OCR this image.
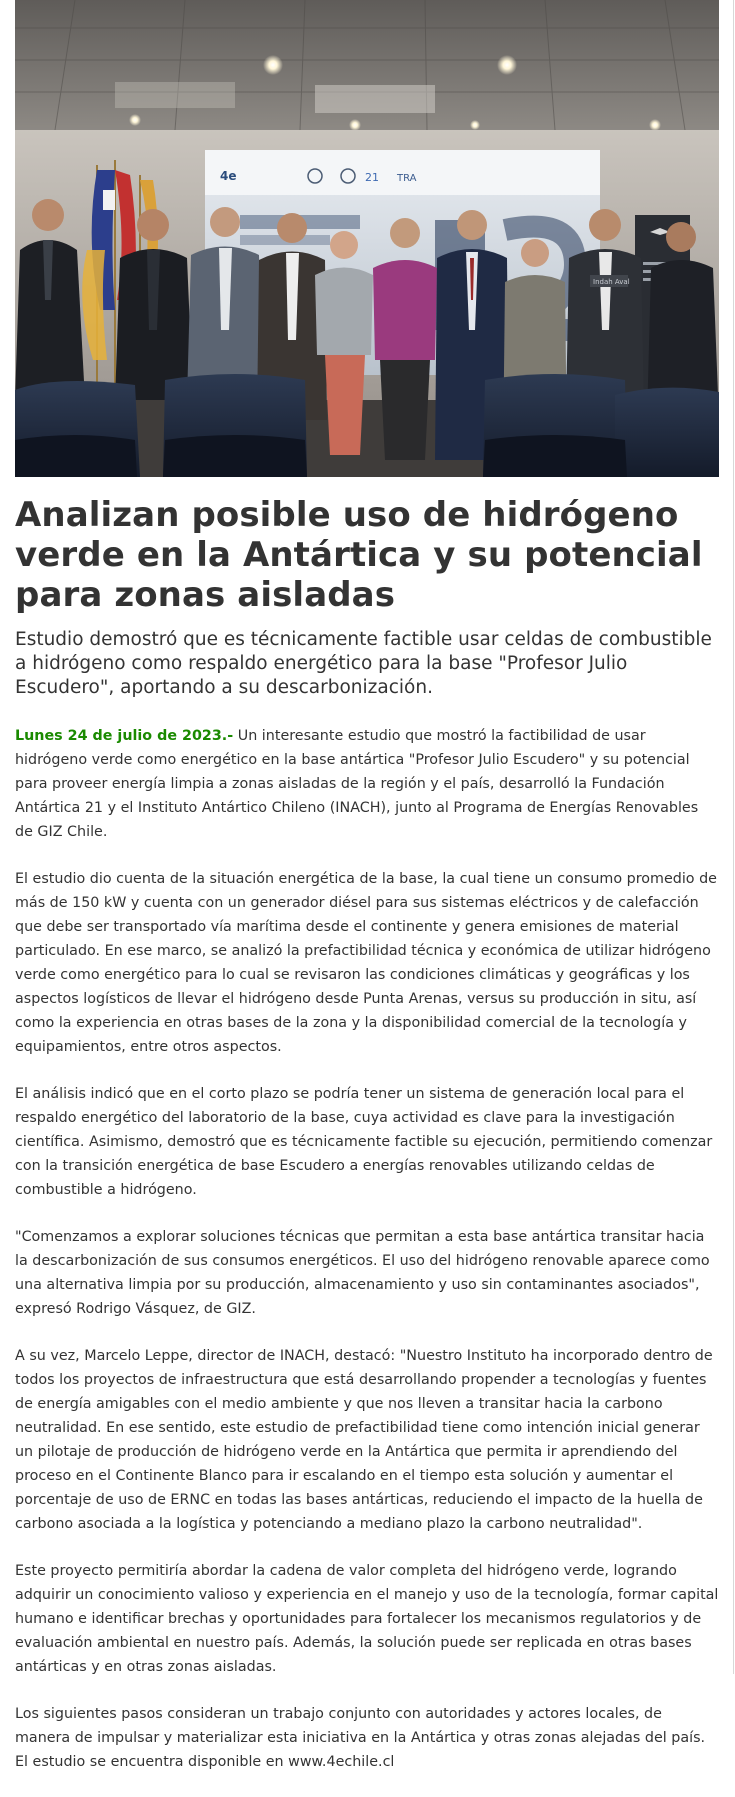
4e	21 TRA
Indah Aval
Analizan posible uso de hidrógeno verde en la Antártica y su potencial para zonas aisladas
Estudio demostró que es técnicamente factible usar celdas de combustible a hidrógeno como respaldo energético para la base "Profesor Julio Escudero", aportando a su descarbonización.

Lunes 24 de julio de 2023.- Un interesante estudio que mostró la factibilidad de usar hidrógeno verde como energético en la base antártica "Profesor Julio Escudero" y su potencial para proveer energía limpia a zonas aisladas de la región y el país, desarrolló la Fundación Antártica 21 y el Instituto Antártico Chileno (INACH), junto al Programa de Energías Renovables de GIZ Chile.

El estudio dio cuenta de la situación energética de la base, la cual tiene un consumo promedio de más de 150 kW y cuenta con un generador diésel para sus sistemas eléctricos y de calefacción que debe ser transportado vía marítima desde el continente y genera emisiones de material particulado. En ese marco, se analizó la prefactibilidad técnica y económica de utilizar hidrógeno verde como energético para lo cual se revisaron las condiciones climáticas y geográficas y los aspectos logísticos de llevar el hidrógeno desde Punta Arenas, versus su producción in situ, así como la experiencia en otras bases de la zona y la disponibilidad comercial de la tecnología y equipamientos, entre otros aspectos.

El análisis indicó que en el corto plazo se podría tener un sistema de generación local para el respaldo energético del laboratorio de la base, cuya actividad es clave para la investigación científica. Asimismo, demostró que es técnicamente factible su ejecución, permitiendo comenzar con la transición energética de base Escudero a energías renovables utilizando celdas de combustible a hidrógeno.

"Comenzamos a explorar soluciones técnicas que permitan a esta base antártica transitar hacia la descarbonización de sus consumos energéticos. El uso del hidrógeno renovable aparece como una alternativa limpia por su producción, almacenamiento y uso sin contaminantes asociados", expresó Rodrigo Vásquez, de GIZ.

A su vez, Marcelo Leppe, director de INACH, destacó: "Nuestro Instituto ha incorporado dentro de todos los proyectos de infraestructura que está desarrollando propender a tecnologías y fuentes de energía amigables con el medio ambiente y que nos lleven a transitar hacia la carbono neutralidad. En ese sentido, este estudio de prefactibilidad tiene como intención inicial generar un pilotaje de producción de hidrógeno verde en la Antártica que permita ir aprendiendo del proceso en el Continente Blanco para ir escalando en el tiempo esta solución y aumentar el porcentaje de uso de ERNC en todas las bases antárticas, reduciendo el impacto de la huella de carbono asociada a la logística y potenciando a mediano plazo la carbono neutralidad".

Este proyecto permitiría abordar la cadena de valor completa del hidrógeno verde, logrando adquirir un conocimiento valioso y experiencia en el manejo y uso de la tecnología, formar capital humano e identificar brechas y oportunidades para fortalecer los mecanismos regulatorios y de evaluación ambiental en nuestro país. Además, la solución puede ser replicada en otras bases antárticas y en otras zonas aisladas.

Los siguientes pasos consideran un trabajo conjunto con autoridades y actores locales, de manera de impulsar y materializar esta iniciativa en la Antártica y otras zonas alejadas del país. El estudio se encuentra disponible en www.4echile.cl
